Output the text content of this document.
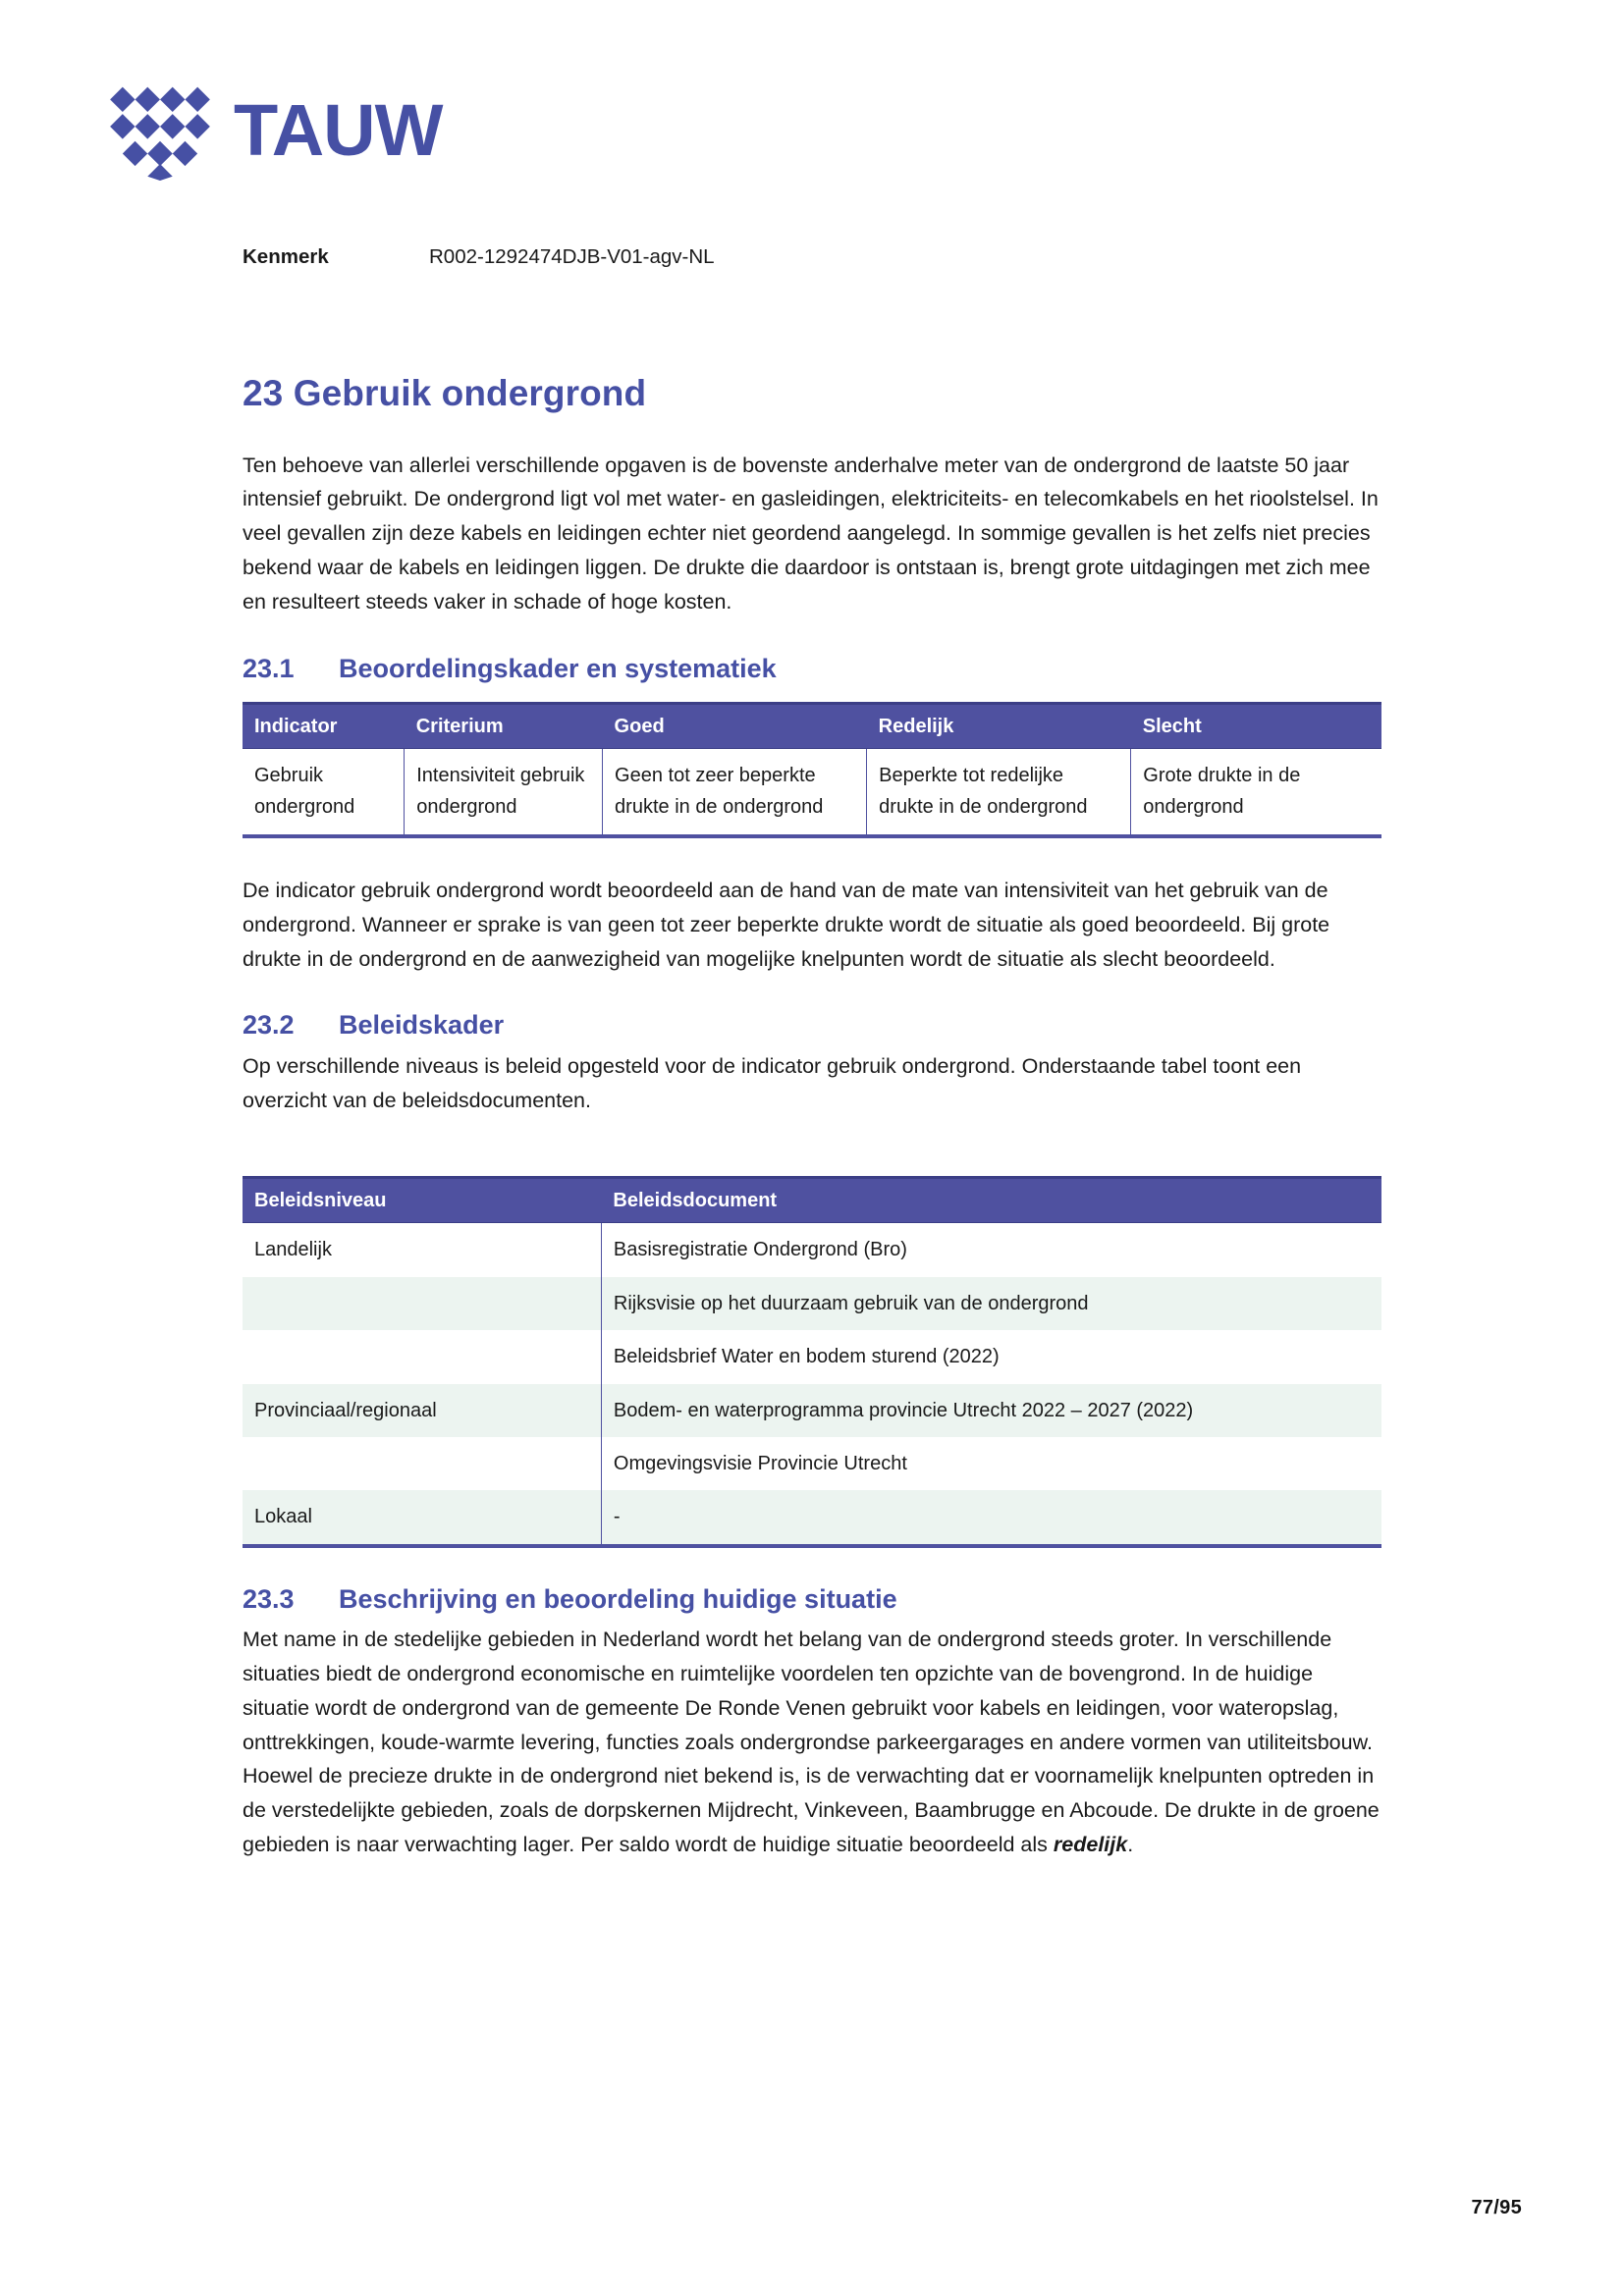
TAUW
Kenmerk	R002-1292474DJB-V01-agv-NL
23 Gebruik ondergrond

Ten behoeve van allerlei verschillende opgaven is de bovenste anderhalve meter van de ondergrond de laatste 50 jaar intensief gebruikt. De ondergrond ligt vol met water- en gasleidingen, elektriciteits- en telecomkabels en het rioolstelsel. In veel gevallen zijn deze kabels en leidingen echter niet geordend aangelegd. In sommige gevallen is het zelfs niet precies bekend waar de kabels en leidingen liggen. De drukte die daardoor is ontstaan is, brengt grote uitdagingen met zich mee en resulteert steeds vaker in schade of hoge kosten.

23.1	Beoordelingskader en systematiek
Indicator	Criterium	Goed	Redelijk	Slecht
Gebruik ondergrond	Intensiviteit gebruik ondergrond	Geen tot zeer beperkte drukte in de ondergrond	Beperkte tot redelijke drukte in de ondergrond	Grote drukte in de ondergrond

De indicator gebruik ondergrond wordt beoordeeld aan de hand van de mate van intensiviteit van het gebruik van de ondergrond. Wanneer er sprake is van geen tot zeer beperkte drukte wordt de situatie als goed beoordeeld. Bij grote drukte in de ondergrond en de aanwezigheid van mogelijke knelpunten wordt de situatie als slecht beoordeeld.

23.2	Beleidskader

Op verschillende niveaus is beleid opgesteld voor de indicator gebruik ondergrond. Onderstaande tabel toont een overzicht van de beleidsdocumenten.

Beleidsniveau	Beleidsdocument
Landelijk	Basisregistratie Ondergrond (Bro)
	Rijksvisie op het duurzaam gebruik van de ondergrond
	Beleidsbrief Water en bodem sturend (2022)
Provinciaal/regionaal	Bodem- en waterprogramma provincie Utrecht 2022 – 2027 (2022)
	Omgevingsvisie Provincie Utrecht
Lokaal	-
23.3	Beschrijving en beoordeling huidige situatie

Met name in de stedelijke gebieden in Nederland wordt het belang van de ondergrond steeds groter. In verschillende situaties biedt de ondergrond economische en ruimtelijke voordelen ten opzichte van de bovengrond. In de huidige situatie wordt de ondergrond van de gemeente De Ronde Venen gebruikt voor kabels en leidingen, voor wateropslag, onttrekkingen, koude-warmte levering, functies zoals ondergrondse parkeergarages en andere vormen van utiliteitsbouw. Hoewel de precieze drukte in de ondergrond niet bekend is, is de verwachting dat er voornamelijk knelpunten optreden in de verstedelijkte gebieden, zoals de dorpskernen Mijdrecht, Vinkeveen, Baambrugge en Abcoude. De drukte in de groene gebieden is naar verwachting lager. Per saldo wordt de huidige situatie beoordeeld als redelijk.

77/95
